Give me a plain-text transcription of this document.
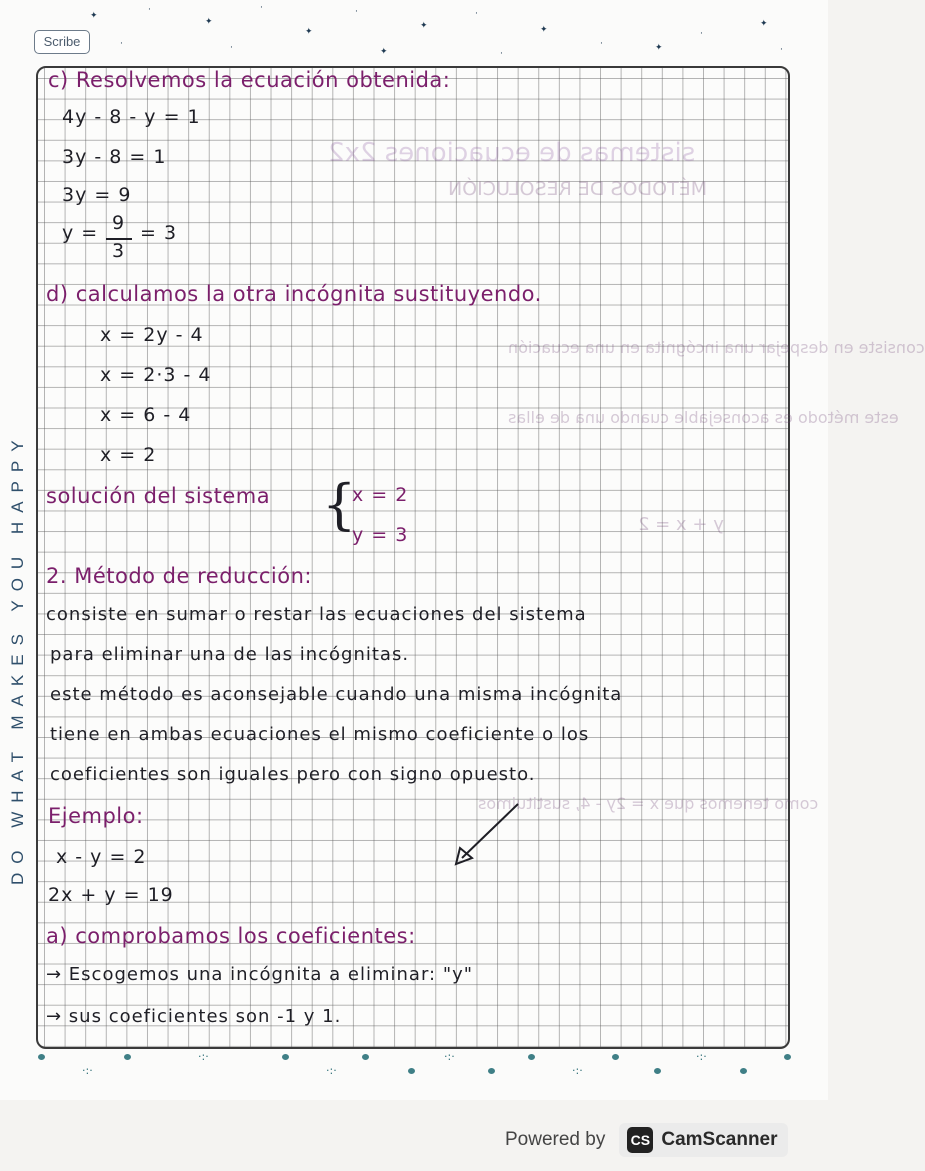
✦
·
✦
·
✦
·
✦
·
✦
·	✦
·
✦
·	·	✦	·	·
Scribe
DO WHAT MAKES YOU HAPPY
sistemas de ecuaciones 2x2
MÉTODOS DE RESOLUCIÓN
consiste en despejar una incógnita en una ecuación
este método es aconsejable cuando una de ellas
y + x = 2
como tenemos que x = 2y - 4, sustituimos
c) Resolvemos la ecuación obtenida:
4y - 8 - y = 1
3y - 8 = 1
3y = 9
y = 9
3
= 3
d) calculamos la otra incógnita sustituyendo.
x = 2y - 4
x = 2·3 - 4
x = 6 - 4
x = 2
solución del sistema {
x = 2
y = 3
2. Método de reducción:
consiste en sumar o restar las ecuaciones del sistema
para eliminar una de las incógnitas.
este método es aconsejable cuando una misma incógnita
tiene en ambas ecuaciones el mismo coeficiente o los
coeficientes son iguales pero con signo opuesto.
Ejemplo:
x - y = 2
2x + y = 19
a) comprobamos los coeficientes:
→ Escogemos una incógnita a eliminar: "y"
→ sus coeficientes son -1 y 1.
·:·
·:·
·:·
·:·
·:·
·:·
Powered by CS CamScanner
